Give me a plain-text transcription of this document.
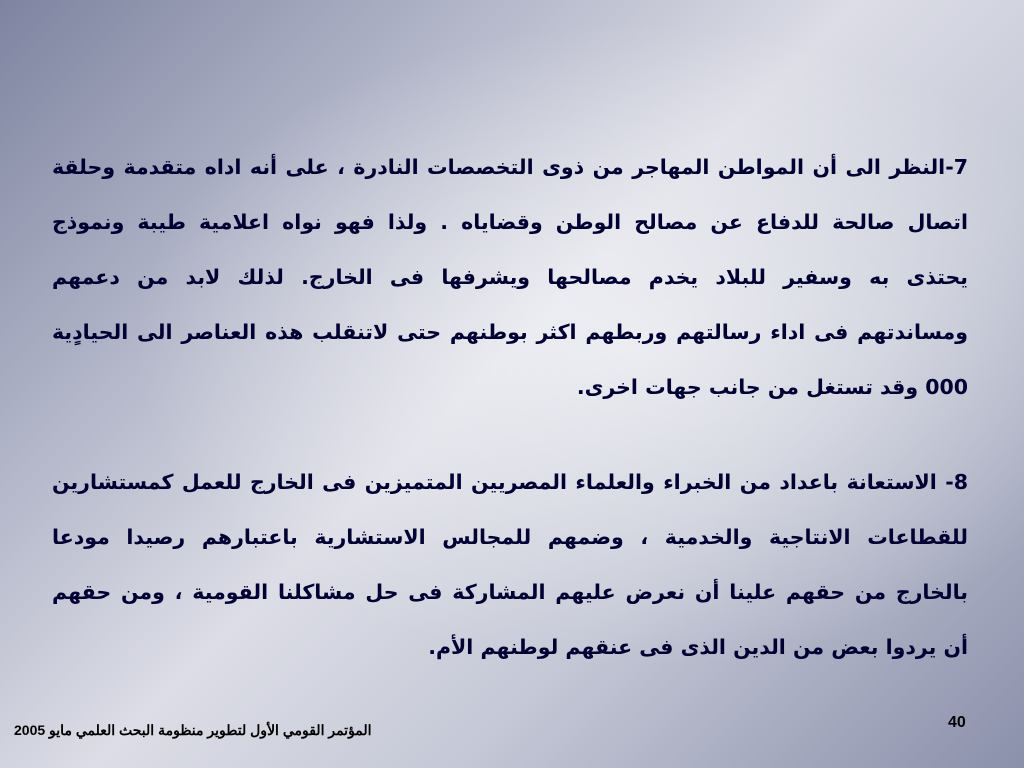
7-النظر الى أن المواطن المهاجر من ذوى التخصصات النادرة ، على أنه اداه متقدمة وحلقة
اتصال صالحة للدفاع عن مصالح الوطن وقضاياه . ولذا فهو نواه اعلامية طيبة ونموذج
يحتذى به وسفير للبلاد يخدم مصالحها ويشرفها فى الخارج. لذلك لابد من دعمهم
ومساندتهم فى اداء رسالتهم وربطهم اكثر بوطنهم حتى لاتنقلب هذه العناصر الى الحيادٍية
000 وقد تستغل من جانب جهات اخرى.

8- الاستعانة باعداد من الخبراء والعلماء المصريين المتميزين فى الخارج للعمل كمستشارين
للقطاعات الانتاجية والخدمية ، وضمهم للمجالس الاستشارية باعتبارهم رصيدا مودعا
بالخارج من حقهم علينا أن نعرض عليهم المشاركة فى حل مشاكلنا القومية ، ومن حقهم
أن يردوا بعض من الدين الذى فى عنقهم لوطنهم الأم.

المؤتمر القومي الأول لتطوير منظومة البحث العلمي مايو 2005	40
